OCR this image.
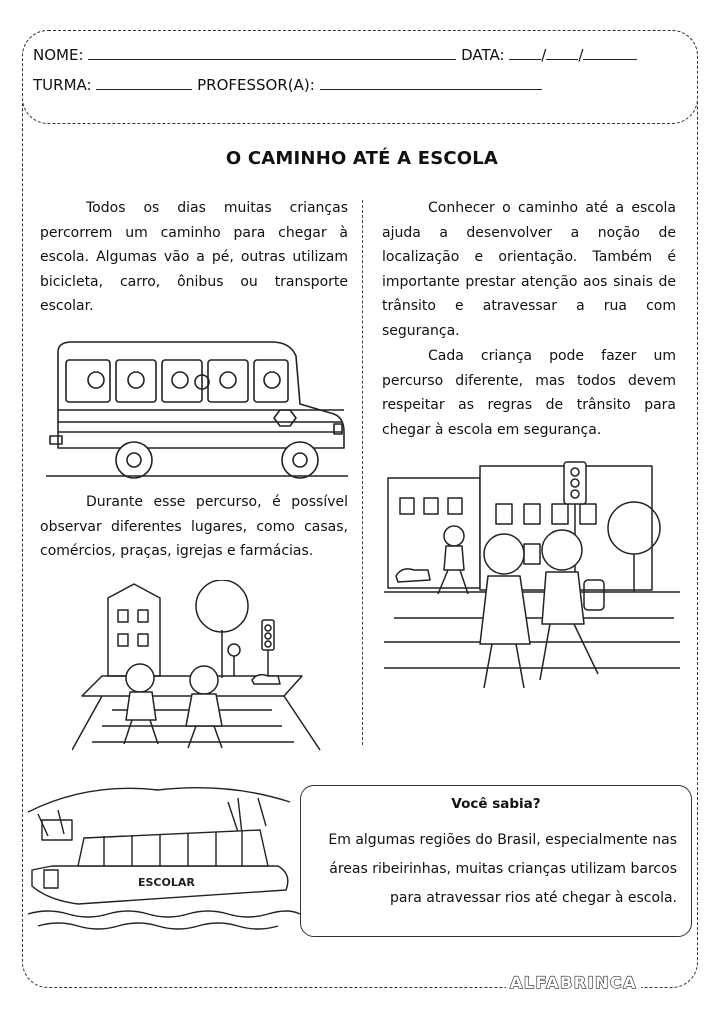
NOME:	DATA: / /
TURMA:	PROFESSOR(A):
O CAMINHO ATÉ A ESCOLA

Todos os dias muitas crianças percorrem um caminho para chegar à escola. Algumas vão a pé, outras utilizam bicicleta, carro, ônibus ou transporte escolar.

Durante esse percurso, é possível observar diferentes lugares, como casas, comércios, praças, igrejas e farmácias.

Conhecer o caminho até a escola ajuda a desenvolver a noção de localização e orientação. Também é importante prestar atenção aos sinais de trânsito e atravessar a rua com segurança.

Cada criança pode fazer um percurso diferente, mas todos devem respeitar as regras de trânsito para chegar à escola em segurança.

ESCOLAR
Você sabia?
Em algumas regiões do Brasil, especialmente nas áreas ribeirinhas, muitas crianças utilizam barcos para atravessar rios até chegar à escola.
ALFABRINCA
